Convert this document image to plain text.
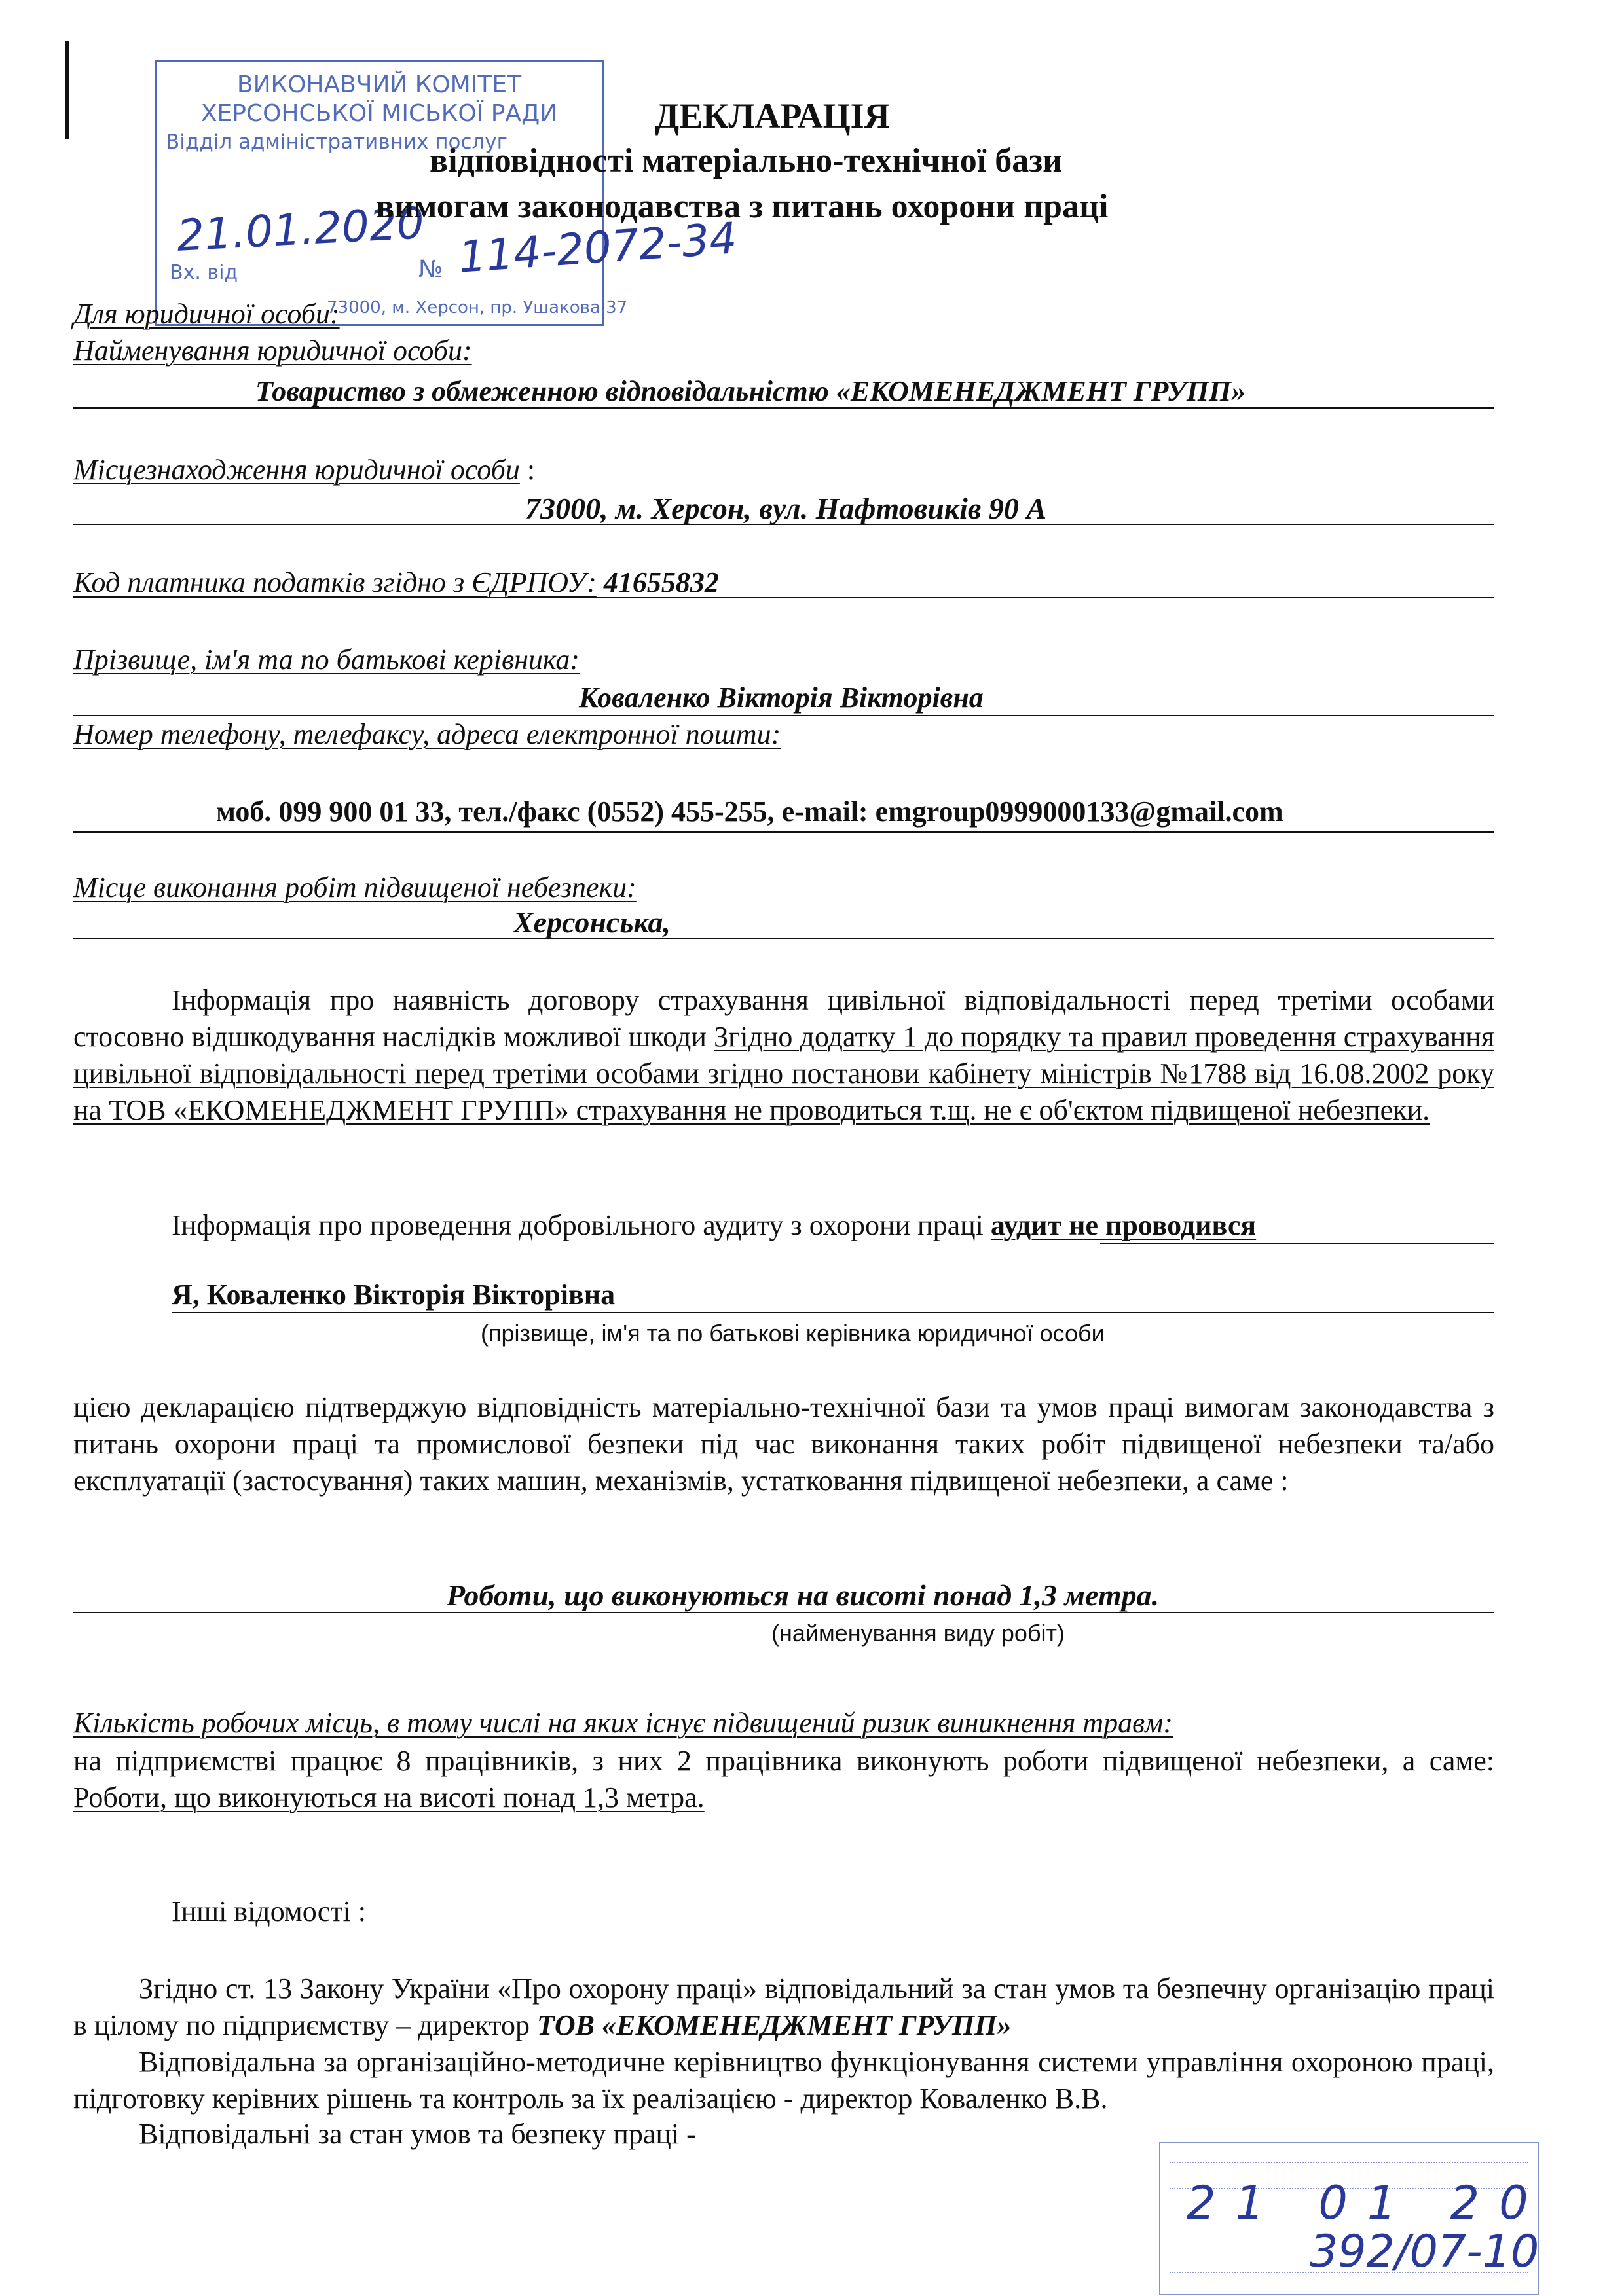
ВИКОНАВЧИЙ КОМІТЕТ
ХЕРСОНСЬКОЇ МІСЬКОЇ РАДИ
Відділ адміністративних послуг
Вх. від	№
73000, м. Херсон, пр. Ушакова,37
21.01.2020 114-2072-34
ДЕКЛАРАЦІЯ
відповідності матеріально-технічної бази
вимогам законодавства з питань охорони праці
Для юридичної особи:
Найменування юридичної особи:
Товариство з обмеженною відповідальністю «ЕКОМЕНЕДЖМЕНТ ГРУПП»
Місцезнаходження юридичної особи :
73000, м. Херсон, вул. Нафтовиків 90 А
Код платника податків згідно з ЄДРПОУ: 41655832
Прізвище, ім'я та по батькові керівника:
Коваленко Вікторія Вікторівна
Номер телефону, телефаксу, адреса електронної пошти:
моб. 099 900 01 33, тел./факс (0552) 455-255, e-mail: emgroup0999000133@gmail.com
Місце виконання робіт підвищеної небезпеки:
Херсонська,
Інформація про наявність договору страхування цивільної відповідальності перед третіми особами стосовно відшкодування наслідків можливої шкоди Згідно додатку 1 до порядку та правил проведення страхування цивільної відповідальності перед третіми особами згідно постанови кабінету міністрів №1788 від 16.08.2002 року на ТОВ «ЕКОМЕНЕДЖМЕНТ ГРУПП» страхування не проводиться т.щ. не є об'єктом підвищеної небезпеки.
Інформація про проведення добровільного аудиту з охорони праці аудит не проводився
Я, Коваленко Вікторія Вікторівна
(прізвище, ім'я та по батькові керівника юридичної особи
цією декларацією підтверджую відповідність матеріально-технічної бази та умов праці вимогам законодавства з питань охорони праці та промислової безпеки під час виконання таких робіт підвищеної небезпеки та/або експлуатації (застосування) таких машин, механізмів, устатковання підвищеної небезпеки, а саме :
Роботи, що виконуються на висоті понад 1,3 метра.
(найменування виду робіт)
Кількість робочих місць, в тому числі на яких існує підвищений ризик виникнення травм:
на підприємстві працює 8 працівників, з них 2 працівника виконують роботи підвищеної небезпеки, а саме: Роботи, що виконуються на висоті понад 1,3 метра.
Інші відомості :
Згідно ст. 13 Закону України «Про охорону праці» відповідальний за стан умов та безпечну організацію праці в цілому по підприємству – директор ТОВ «ЕКОМЕНЕДЖМЕНТ ГРУПП»
Відповідальна за організаційно-методичне керівництво функціонування системи управління охороною праці, підготовку керівних рішень та контроль за їх реалізацією - директор Коваленко В.В.
Відповідальні за стан умов та безпеку праці -
21 01 20
392/07-10
